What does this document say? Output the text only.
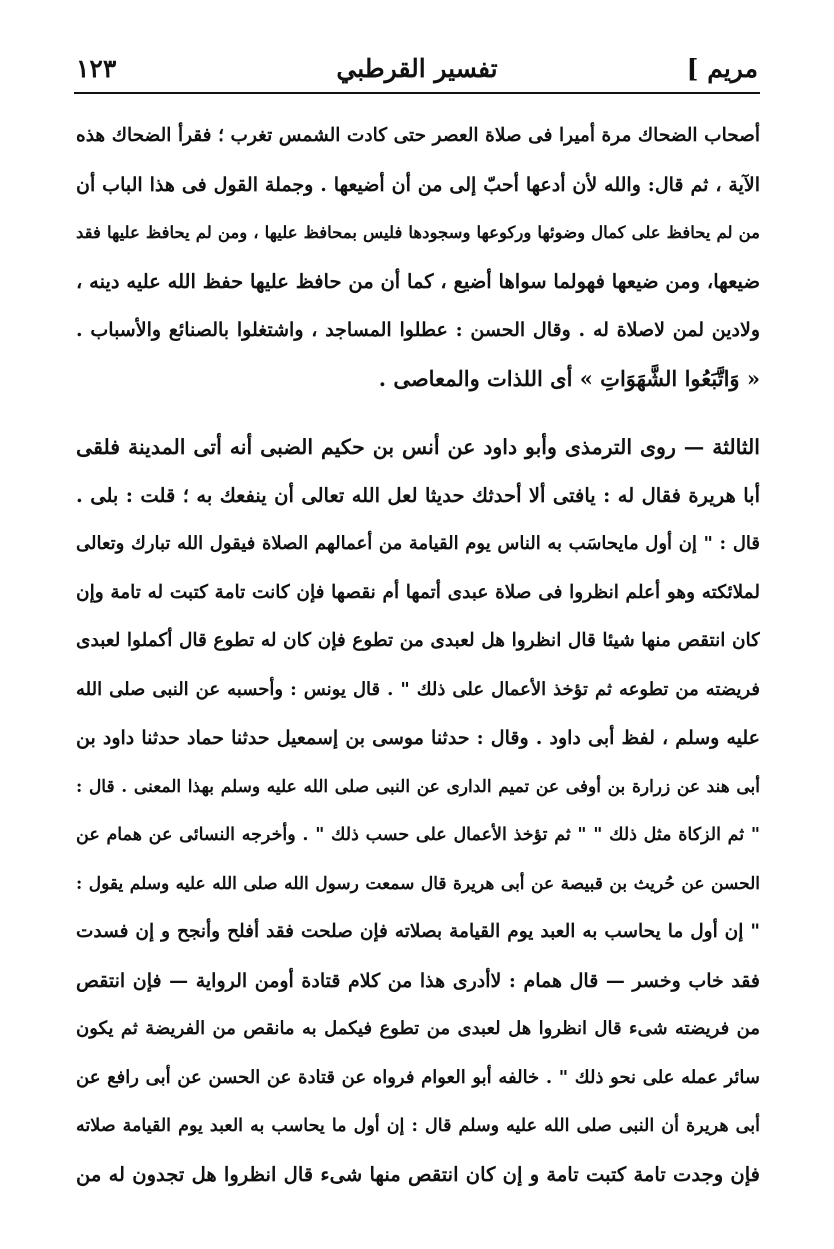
مريم ]
تفسير القرطبي
١٢٣
أصحاب الضحاك مرة أميرا فى صلاة العصر حتى كادت الشمس تغرب ؛ فقرأ الضحاك هذه
الآية ، ثم قال: والله لأن أدعها أحبّ إلى من أن أضيعها . وجملة القول فى هذا الباب أن
من لم يحافظ على كمال وضوئها وركوعها وسجودها فليس بمحافظ عليها ، ومن لم يحافظ عليها فقد
ضيعها، ومن ضيعها فهولما سواها أضيع ، كما أن من حافظ عليها حفظ الله عليه دينه ،
ولادين لمن لاصلاة له . وقال الحسن : عطلوا المساجد ، واشتغلوا بالصنائع والأسباب .
« وَاتَّبَعُوا الشَّهَوَاتِ » أى اللذات والمعاصى .
الثالثة — روى الترمذى وأبو داود عن أنس بن حكيم الضبى أنه أتى المدينة فلقى
أبا هريرة فقال له : يافتى ألا أحدثك حديثا لعل الله تعالى أن ينفعك به ؛ قلت : بلى .
قال : " إن أول مايحاسَب به الناس يوم القيامة من أعمالهم الصلاة فيقول الله تبارك وتعالى
لملائكته وهو أعلم انظروا فى صلاة عبدى أتمها أم نقصها فإن كانت تامة كتبت له تامة وإن
كان انتقص منها شيئا قال انظروا هل لعبدى من تطوع فإن كان له تطوع قال أكملوا لعبدى
فريضته من تطوعه ثم تؤخذ الأعمال على ذلك " . قال يونس : وأحسبه عن النبى صلى الله
عليه وسلم ، لفظ أبى داود . وقال : حدثنا موسى بن إسمعيل حدثنا حماد حدثنا داود بن
أبى هند عن زرارة بن أوفى عن تميم الدارى عن النبى صلى الله عليه وسلم بهذا المعنى . قال :
" ثم الزكاة مثل ذلك " " ثم تؤخذ الأعمال على حسب ذلك " . وأخرجه النسائى عن همام عن
الحسن عن حُريث بن قبيصة عن أبى هريرة قال سمعت رسول الله صلى الله عليه وسلم يقول :
" إن أول ما يحاسب به العبد يوم القيامة بصلاته فإن صلحت فقد أفلح وأنجح و إن فسدت
فقد خاب وخسر — قال همام : لاأدرى هذا من كلام قتادة أومن الرواية — فإن انتقص
من فريضته شىء قال انظروا هل لعبدى من تطوع فيكمل به مانقص من الفريضة ثم يكون
سائر عمله على نحو ذلك " . خالفه أبو العوام فرواه عن قتادة عن الحسن عن أبى رافع عن
أبى هريرة أن النبى صلى الله عليه وسلم قال : إن أول ما يحاسب به العبد يوم القيامة صلاته
فإن وجدت تامة كتبت تامة و إن كان انتقص منها شىء قال انظروا هل تجدون له من
